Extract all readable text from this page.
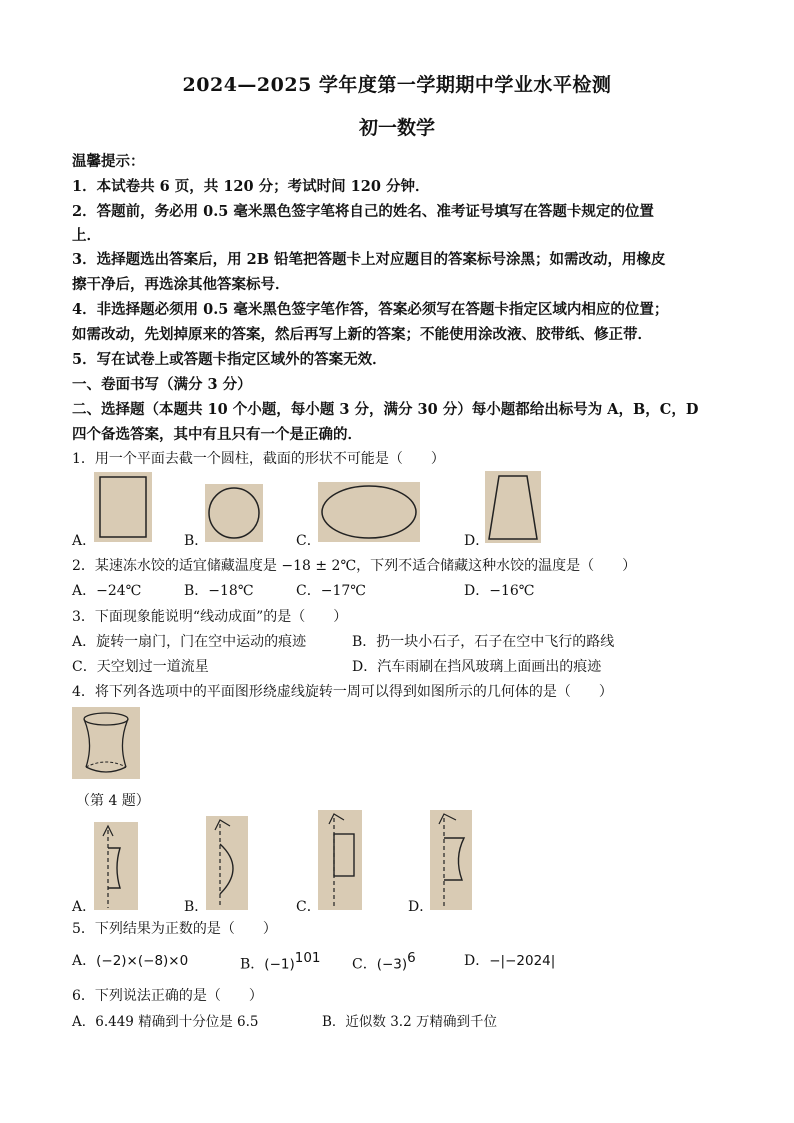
2024—2025 学年度第一学期期中学业水平检测
初一数学
温馨提示：
1．本试卷共 6 页，共 120 分；考试时间 120 分钟．
2．答题前，务必用 0.5 毫米黑色签字笔将自己的姓名、准考证号填写在答题卡规定的位置
上．
3．选择题选出答案后，用 2B 铅笔把答题卡上对应题目的答案标号涂黑；如需改动，用橡皮
擦干净后，再选涂其他答案标号．
4．非选择题必须用 0.5 毫米黑色签字笔作答，答案必须写在答题卡指定区域内相应的位置；
如需改动，先划掉原来的答案，然后再写上新的答案；不能使用涂改液、胶带纸、修正带．
5．写在试卷上或答题卡指定区域外的答案无效．
一、卷面书写（满分 3 分）
二、选择题（本题共 10 个小题，每小题 3 分，满分 30 分）每小题都给出标号为 A，B，C，D
四个备选答案，其中有且只有一个是正确的．
1．用一个平面去截一个圆柱，截面的形状不可能是（　　）
A．	B．	C．	D．
2．某速冻水饺的适宜储藏温度是 −18 ± 2℃，下列不适合储藏这种水饺的温度是（　　）
A．−24℃	B．−18℃	C．−17℃	D．−16℃
3．下面现象能说明“线动成面”的是（　　）
A．旋转一扇门，门在空中运动的痕迹	B．扔一块小石子，石子在空中飞行的路线
C．天空划过一道流星	D．汽车雨刷在挡风玻璃上面画出的痕迹
4．将下列各选项中的平面图形绕虚线旋转一周可以得到如图所示的几何体的是（　　）
（第 4 题）
A．	B．	C．	D．
5．下列结果为正数的是（　　）
A．(−2)×(−8)×0	B．$(-1)^{101}$ C．$(-3)^6$	D．−|−2024|
6．下列说法正确的是（　　）
A．6.449 精确到十分位是 6.5	B．近似数 3.2 万精确到千位
